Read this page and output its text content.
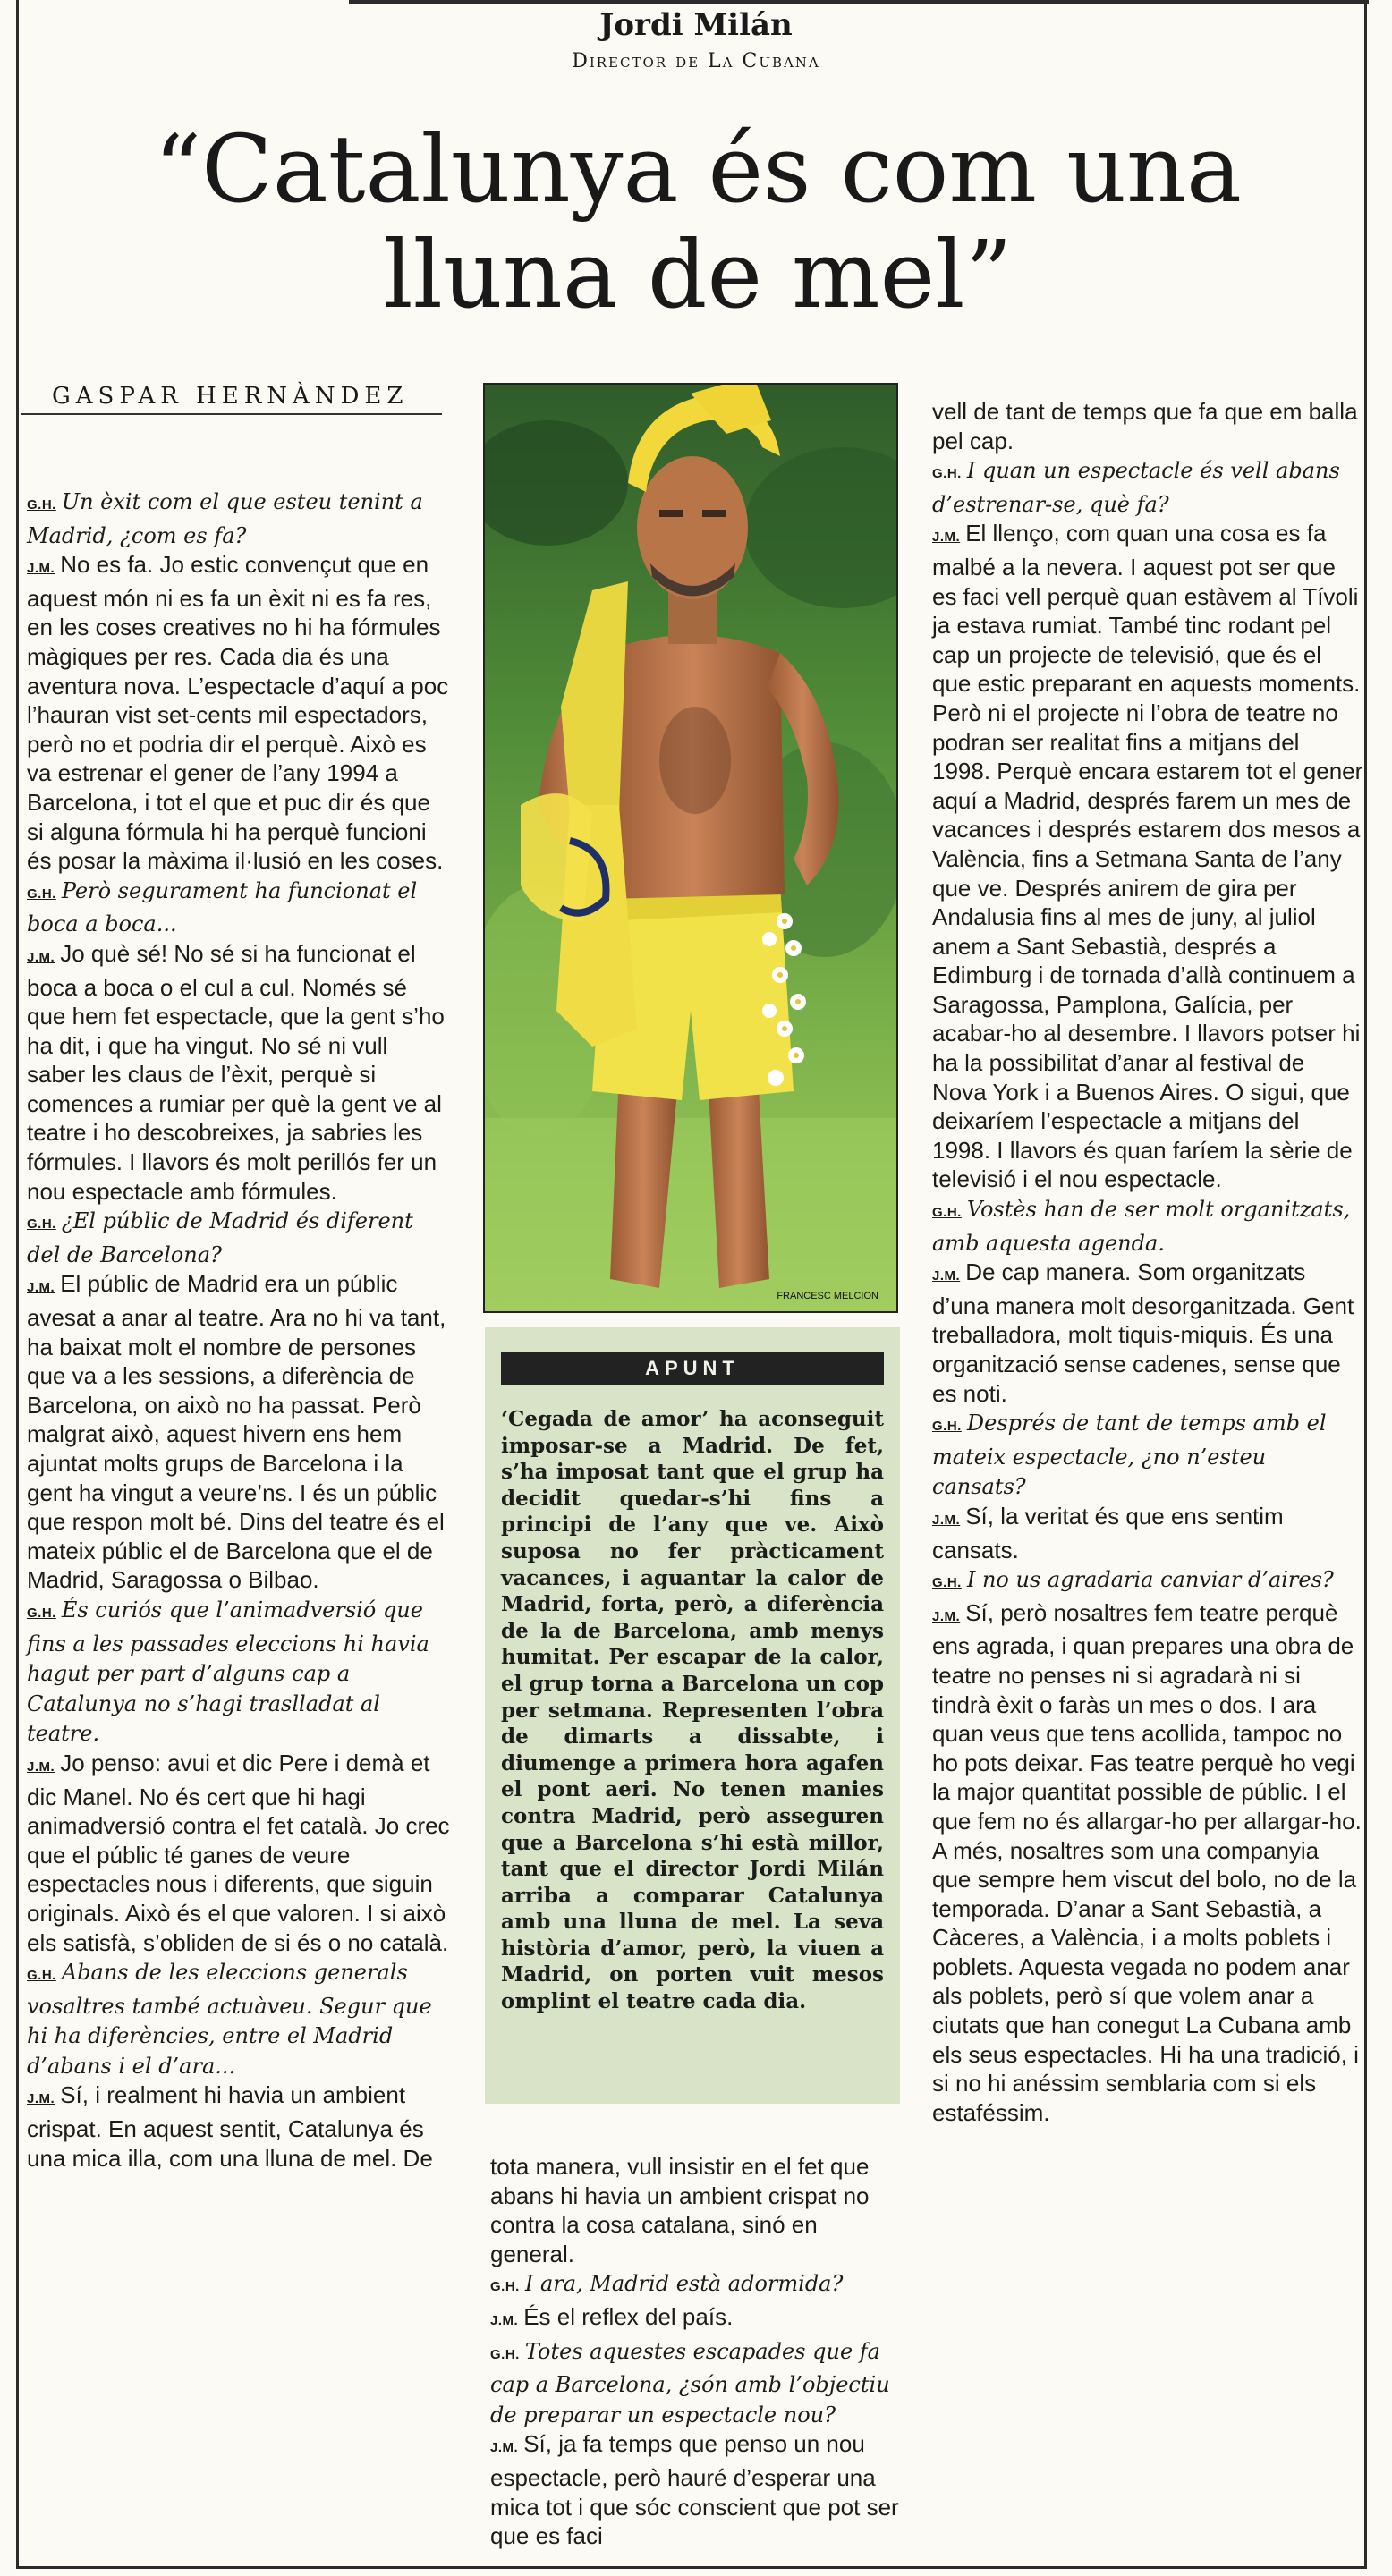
Jordi Milán
Director de La Cubana
“Catalunya és com una
lluna de mel”
GASPAR HERNÀNDEZ

G.H. Un èxit com el que esteu tenint a Madrid, ¿com es fa?

J.M. No es fa. Jo estic convençut que en aquest món ni es fa un èxit ni es fa res, en les coses creatives no hi ha fórmules màgiques per res. Cada dia és una aventura nova. L’espectacle d’aquí a poc l’hauran vist set-cents mil espectadors, però no et podria dir el perquè. Això es va estrenar el gener de l’any 1994 a Barcelona, i tot el que et puc dir és que si alguna fórmula hi ha perquè funcioni és posar la màxima il·lusió en les coses.

G.H. Però segurament ha funcionat el boca a boca...

J.M. Jo què sé! No sé si ha funcionat el boca a boca o el cul a cul. Només sé que hem fet espectacle, que la gent s’ho ha dit, i que ha vingut. No sé ni vull saber les claus de l’èxit, perquè si comences a rumiar per què la gent ve al teatre i ho descobreixes, ja sabries les fórmules. I llavors és molt perillós fer un nou espectacle amb fórmules.

G.H. ¿El públic de Madrid és diferent del de Barcelona?

J.M. El públic de Madrid era un públic avesat a anar al teatre. Ara no hi va tant, ha baixat molt el nombre de persones que va a les sessions, a diferència de Barcelona, on això no ha passat. Però malgrat això, aquest hivern ens hem ajuntat molts grups de Barcelona i la gent ha vingut a veure’ns. I és un públic que respon molt bé. Dins del teatre és el mateix públic el de Barcelona que el de Madrid, Saragossa o Bilbao.

G.H. És curiós que l’animadversió que fins a les passades eleccions hi havia hagut per part d’alguns cap a Catalunya no s’hagi traslladat al teatre.

J.M. Jo penso: avui et dic Pere i demà et dic Manel. No és cert que hi hagi animadversió contra el fet català. Jo crec que el públic té ganes de veure espectacles nous i diferents, que siguin originals. Això és el que valoren. I si això els satisfà, s’obliden de si és o no català.

G.H. Abans de les eleccions generals vosaltres també actuàveu. Segur que hi ha diferències, entre el Madrid d’abans i el d’ara...

J.M. Sí, i realment hi havia un ambient crispat. En aquest sentit, Catalunya és una mica illa, com una lluna de mel. De

FRANCESC MELCION
APUNT

‘Cegada de amor’ ha aconseguit imposar-se a Madrid. De fet, s’ha imposat tant que el grup ha decidit quedar-s’hi fins a principi de l’any que ve. Això suposa no fer pràcticament vacances, i aguantar la calor de Madrid, forta, però, a diferència de la de Barcelona, amb menys humitat. Per escapar de la calor, el grup torna a Barcelona un cop per setmana. Representen l’obra de dimarts a dissabte, i diumenge a primera hora agafen el pont aeri. No tenen manies contra Madrid, però asseguren que a Barcelona s’hi està millor, tant que el director Jordi Milán arriba a comparar Catalunya amb una lluna de mel. La seva història d’amor, però, la viuen a Madrid, on porten vuit mesos omplint el teatre cada dia.

tota manera, vull insistir en el fet que abans hi havia un ambient crispat no contra la cosa catalana, sinó en general.

G.H. I ara, Madrid està adormida?

J.M. És el reflex del país.

G.H. Totes aquestes escapades que fa cap a Barcelona, ¿són amb l’objectiu de preparar un espectacle nou?

J.M. Sí, ja fa temps que penso un nou espectacle, però hauré d’esperar una mica tot i que sóc conscient que pot ser que es faci

vell de tant de temps que fa que em balla pel cap.

G.H. I quan un espectacle és vell abans d’estrenar-se, què fa?

J.M. El llenço, com quan una cosa es fa malbé a la nevera. I aquest pot ser que es faci vell perquè quan estàvem al Tívoli ja estava rumiat. També tinc rodant pel cap un projecte de televisió, que és el que estic preparant en aquests moments. Però ni el projecte ni l’obra de teatre no podran ser realitat fins a mitjans del 1998. Perquè encara estarem tot el gener aquí a Madrid, després farem un mes de vacances i després estarem dos mesos a València, fins a Setmana Santa de l’any que ve. Després anirem de gira per Andalusia fins al mes de juny, al juliol anem a Sant Sebastià, després a Edimburg i de tornada d’allà continuem a Saragossa, Pamplona, Galícia, per acabar-ho al desembre. I llavors potser hi ha la possibilitat d’anar al festival de Nova York i a Buenos Aires. O sigui, que deixaríem l’espectacle a mitjans del 1998. I llavors és quan faríem la sèrie de televisió i el nou espectacle.

G.H. Vostès han de ser molt organitzats, amb aquesta agenda.

J.M. De cap manera. Som organitzats d’una manera molt desorganitzada. Gent treballadora, molt tiquis-miquis. És una organització sense cadenes, sense que es noti.

G.H. Després de tant de temps amb el mateix espectacle, ¿no n’esteu cansats?

J.M. Sí, la veritat és que ens sentim cansats.

G.H. I no us agradaria canviar d’aires?

J.M. Sí, però nosaltres fem teatre perquè ens agrada, i quan prepares una obra de teatre no penses ni si agradarà ni si tindrà èxit o faràs un mes o dos. I ara quan veus que tens acollida, tampoc no ho pots deixar. Fas teatre perquè ho vegi la major quantitat possible de públic. I el que fem no és allargar-ho per allargar-ho. A més, nosaltres som una companyia que sempre hem viscut del bolo, no de la temporada. D’anar a Sant Sebastià, a Càceres, a València, i a molts poblets i poblets. Aquesta vegada no podem anar als poblets, però sí que volem anar a ciutats que han conegut La Cubana amb els seus espectacles. Hi ha una tradició, i si no hi anéssim semblaria com si els estaféssim.
